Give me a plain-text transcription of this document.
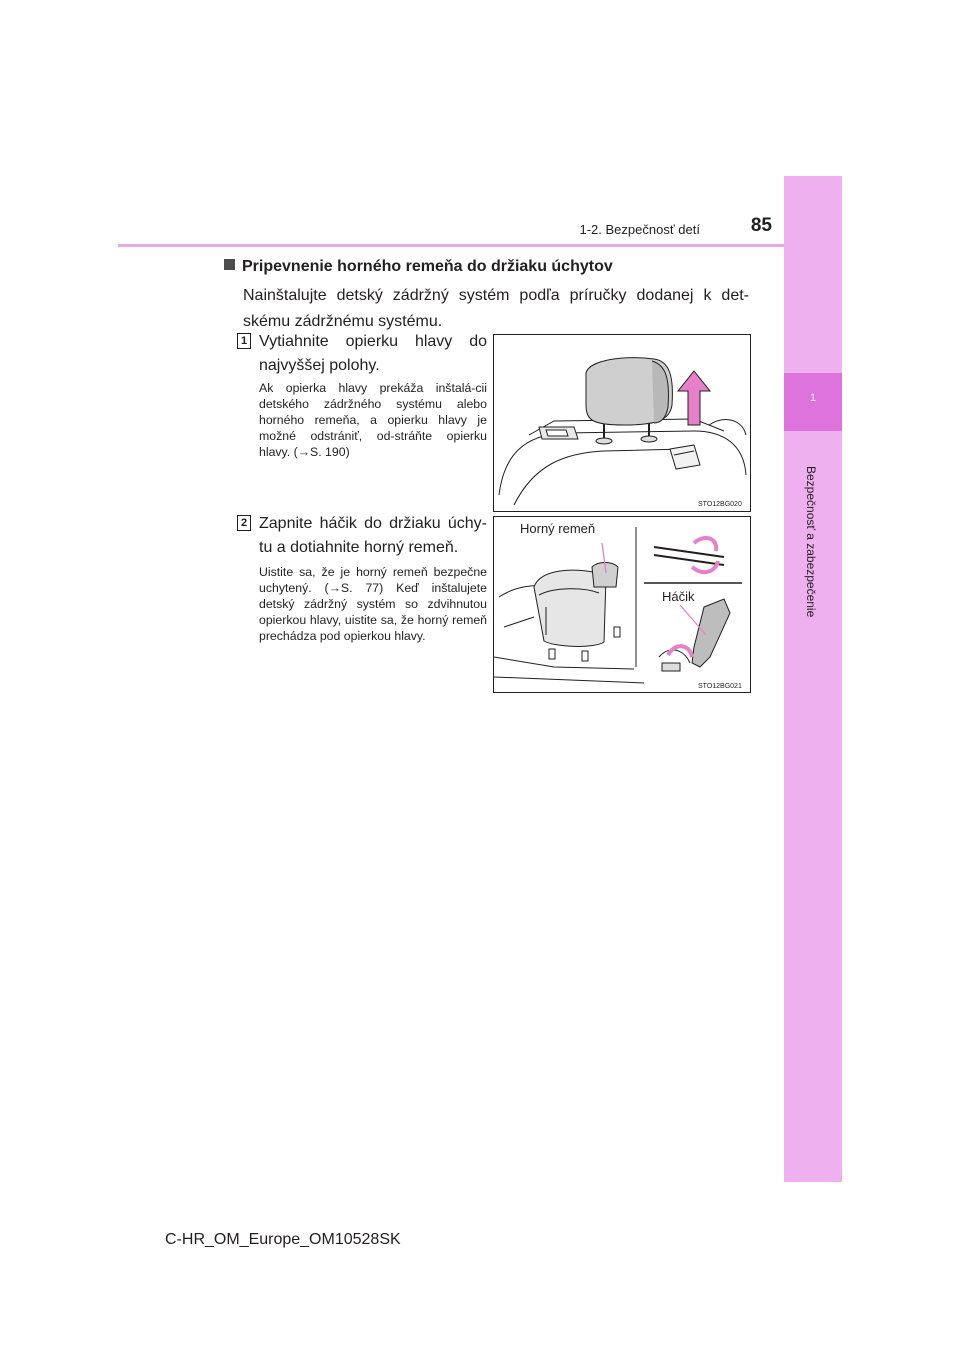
1
Bezpečnosť a zabezpečenie
1-2. Bezpečnosť detí	85
Pripevnenie horného remeňa do držiaku úchytov
Nainštalujte detský zádržný systém podľa príručky dodanej k det-skému zádržnému systému.
1 Vytiahnite opierku hlavy do najvyššej polohy.
Ak opierka hlavy prekáža inštalá-cii detského zádržného systému alebo horného remeňa, a opierku hlavy je možné odstrániť, od-stráňte opierku hlavy. (→S. 190)
STO12BG020
2 Zapnite háčik do držiaku úchy-tu a dotiahnite horný remeň.
Uistite sa, že je horný remeň bezpečne uchytený. (→S. 77) Keď inštalujete detský zádržný systém so zdvihnutou opierkou hlavy, uistite sa, že horný remeň prechádza pod opierkou hlavy.
STO12BG021
Horný remeň
Háčik
C-HR_OM_Europe_OM10528SK
